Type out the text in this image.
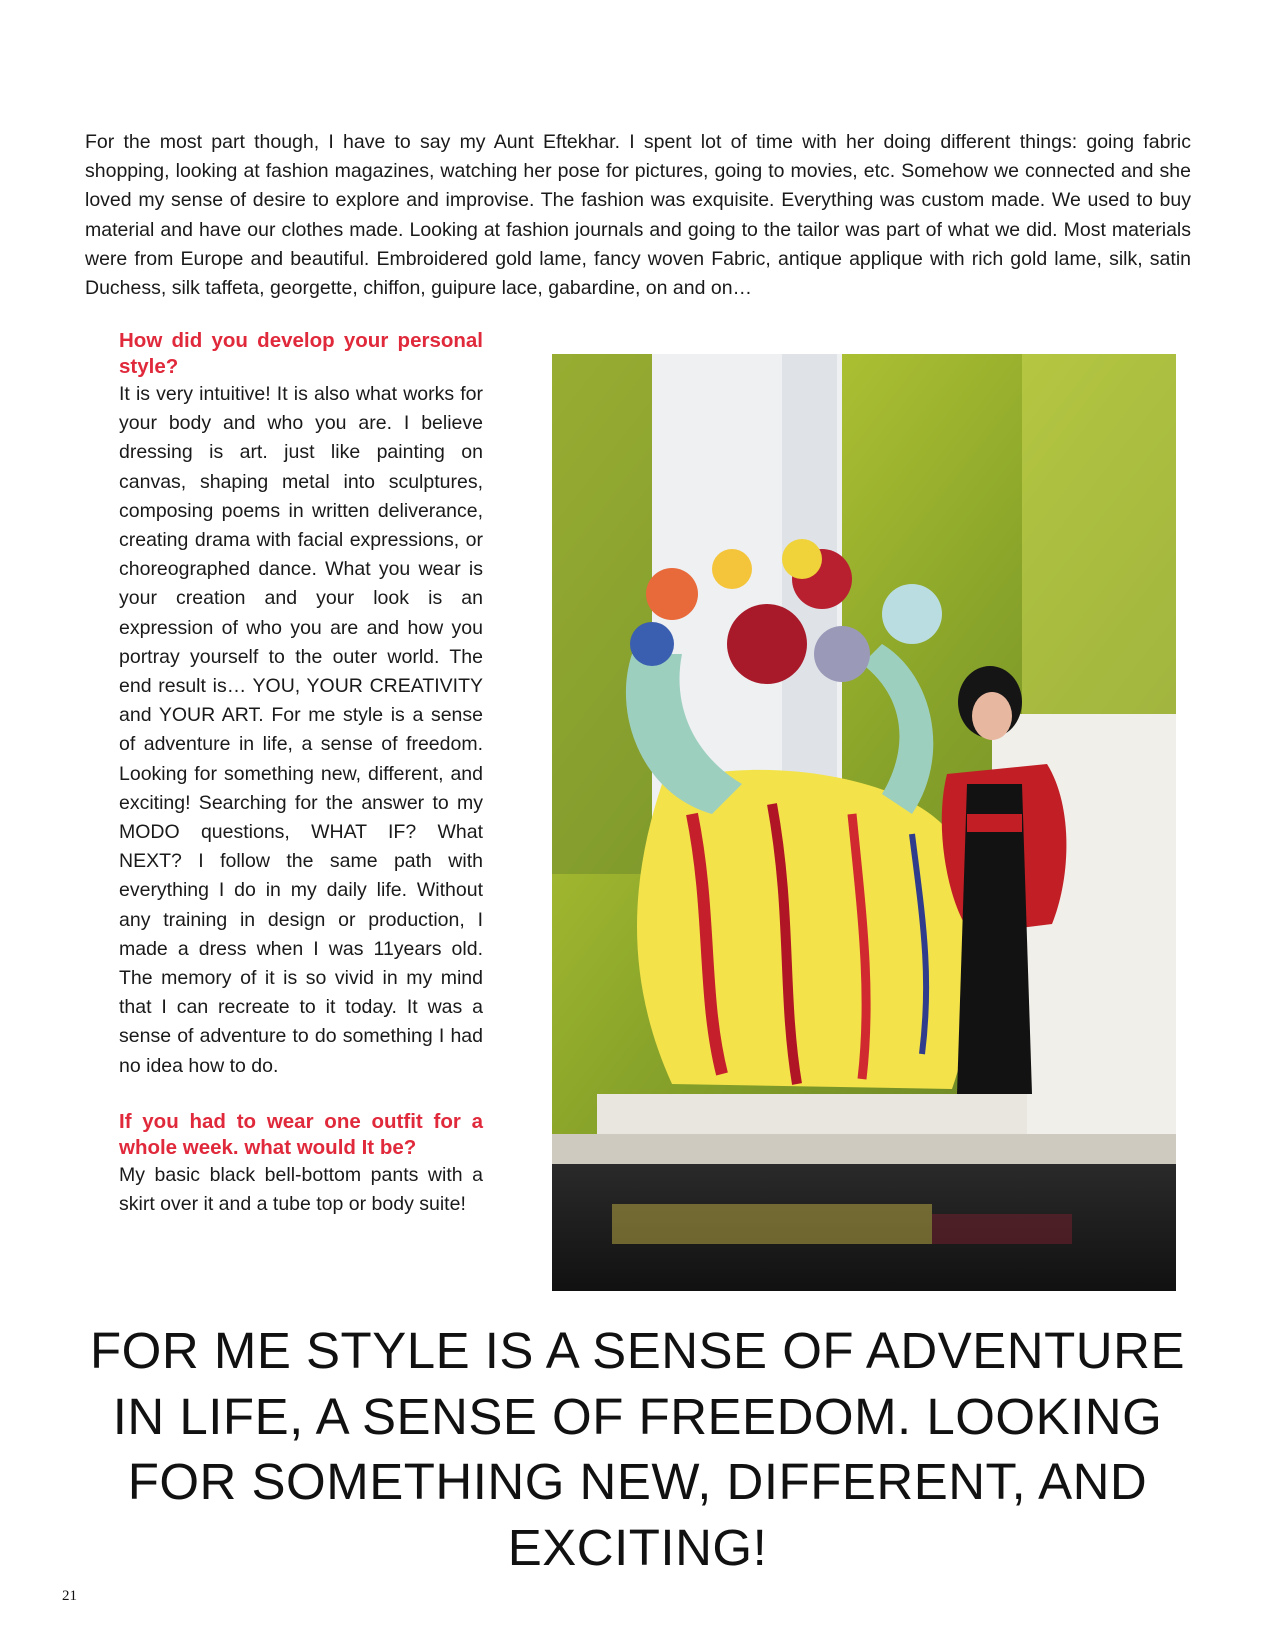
For the most part though, I have to say my Aunt Eftekhar. I spent lot of time with her doing different things: going fabric shopping, looking at fashion magazines, watching her pose for pictures, going to movies, etc. Somehow we connected and she loved my sense of desire to explore and improvise. The fashion was exquisite. Everything was custom made. We used to buy material and have our clothes made. Looking at fashion journals and going to the tailor was part of what we did. Most materials were from Europe and beautiful. Embroidered gold lame, fancy woven Fabric, antique applique with rich gold lame, silk, satin Duchess, silk taffeta, georgette, chiffon, guipure lace, gabardine, on and on…

How did you develop your personal style?

It is very intuitive! It is also what works for your body and who you are. I believe dressing is art. just like painting on canvas, shaping metal into sculptures, composing poems in written deliverance, creating drama with facial expressions, or choreographed dance. What you wear is your creation and your look is an expression of who you are and how you portray yourself to the outer world. The end result is… YOU, YOUR CREATIVITY and YOUR ART. For me style is a sense of adventure in life, a sense of freedom. Looking for something new, different, and exciting! Searching for the answer to my MODO questions, WHAT IF? What NEXT? I follow the same path with everything I do in my daily life. Without any training in design or production, I made a dress when I was 11years old. The memory of it is so vivid in my mind that I can recreate to it today. It was a sense of adventure to do something I had no idea how to do.

If you had to wear one outfit for a whole week. what would It be?

My basic black bell-bottom pants with a skirt over it and a tube top or body suite!

FOR ME STYLE IS A SENSE OF ADVENTURE IN LIFE, A SENSE OF FREEDOM. LOOKING FOR SOMETHING NEW, DIFFERENT, AND EXCITING!

21
